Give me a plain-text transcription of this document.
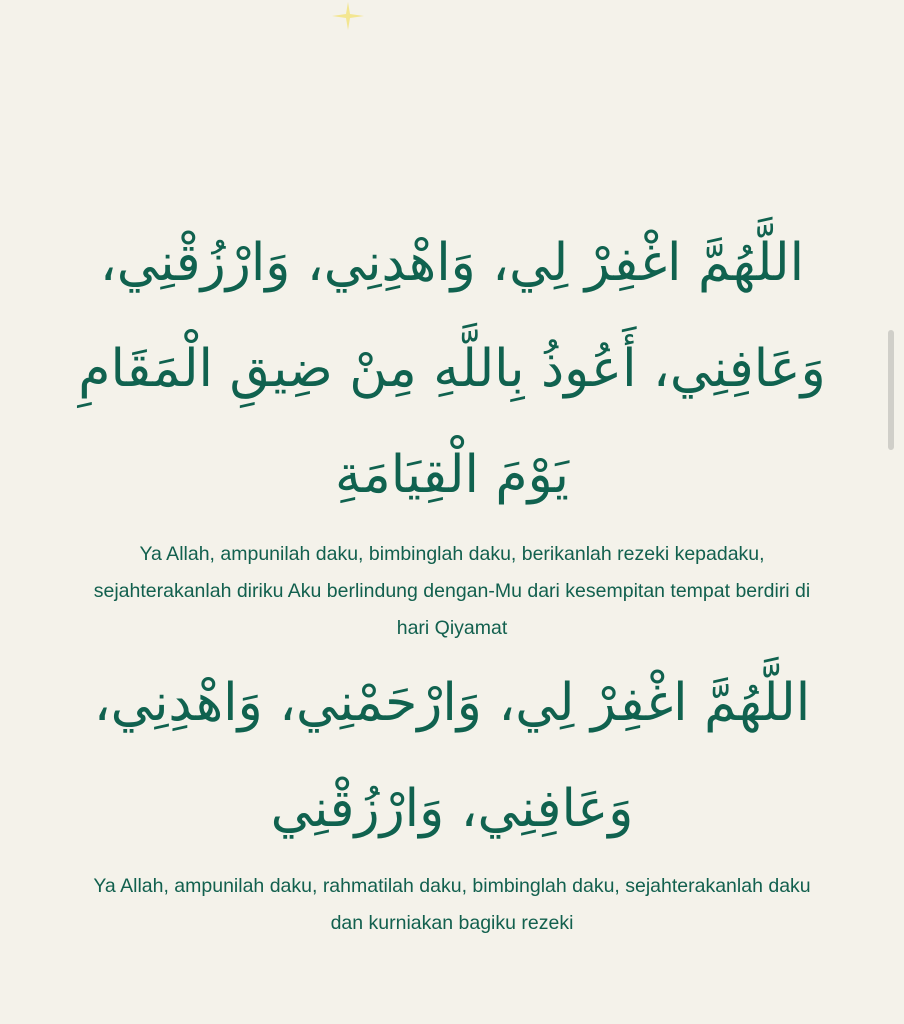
اللَّهُمَّ اغْفِرْ لِي، وَاهْدِنِي، وَارْزُقْنِي، وَعَافِنِي، أَعُوذُ بِاللَّهِ مِنْ ضِيقِ الْمَقَامِ يَوْمَ الْقِيَامَةِ

Ya Allah, ampunilah daku, bimbinglah daku, berikanlah rezeki kepadaku, sejahterakanlah diriku Aku berlindung dengan-Mu dari kesempitan tempat berdiri di hari Qiyamat

اللَّهُمَّ اغْفِرْ لِي، وَارْحَمْنِي، وَاهْدِنِي، وَعَافِنِي، وَارْزُقْنِي

Ya Allah, ampunilah daku, rahmatilah daku, bimbinglah daku, sejahterakanlah daku dan kurniakan bagiku rezeki
